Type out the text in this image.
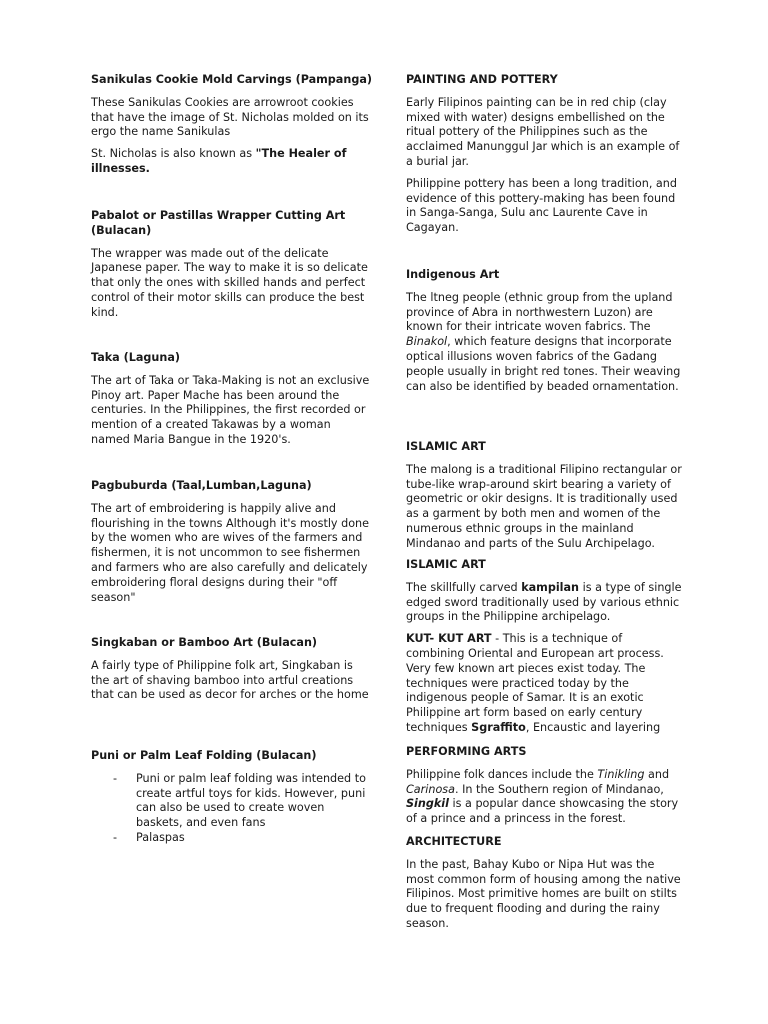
Sanikulas Cookie Mold Carvings (Pampanga)

These Sanikulas Cookies are arrowroot cookies that have the image of St. Nicholas molded on its ergo the name Sanikulas

St. Nicholas is also known as "The Healer of illnesses.

Pabalot or Pastillas Wrapper Cutting Art (Bulacan)

The wrapper was made out of the delicate Japanese paper. The way to make it is so delicate that only the ones with skilled hands and perfect control of their motor skills can produce the best kind.

Taka (Laguna)

The art of Taka or Taka-Making is not an exclusive Pinoy art. Paper Mache has been around the centuries. In the Philippines, the first recorded or mention of a created Takawas by a woman named Maria Bangue in the 1920's.

Pagbuburda (Taal,Lumban,Laguna)

The art of embroidering is happily alive and flourishing in the towns Although it's mostly done by the women who are wives of the farmers and fishermen, it is not uncommon to see fishermen and farmers who are also carefully and delicately embroidering floral designs during their "off season"

Singkaban or Bamboo Art (Bulacan)

A fairly type of Philippine folk art, Singkaban is the art of shaving bamboo into artful creations that can be used as decor for arches or the home

Puni or Palm Leaf Folding (Bulacan)
- Puni or palm leaf folding was intended to create artful toys for kids. However, puni can also be used to create woven baskets, and even fans
- Palaspas
PAINTING AND POTTERY

Early Filipinos painting can be in red chip (clay mixed with water) designs embellished on the ritual pottery of the Philippines such as the acclaimed Manunggul Jar which is an example of a burial jar.

Philippine pottery has been a long tradition, and evidence of this pottery-making has been found in Sanga-Sanga, Sulu anc Laurente Cave in Cagayan.

Indigenous Art

The ltneg people (ethnic group from the upland province of Abra in northwestern Luzon) are known for their intricate woven fabrics. The Binakol, which feature designs that incorporate optical illusions woven fabrics of the Gadang people usually in bright red tones. Their weaving can also be identified by beaded ornamentation.

ISLAMIC ART

The malong is a traditional Filipino rectangular or tube-like wrap-around skirt bearing a variety of geometric or okir designs. It is traditionally used as a garment by both men and women of the numerous ethnic groups in the mainland Mindanao and parts of the Sulu Archipelago.

ISLAMIC ART

The skillfully carved kampilan is a type of single edged sword traditionally used by various ethnic groups in the Philippine archipelago.

KUT- KUT ART - This is a technique of combining Oriental and European art process. Very few known art pieces exist today. The techniques were practiced today by the indigenous people of Samar. It is an exotic Philippine art form based on early century techniques Sgraffito, Encaustic and layering

PERFORMING ARTS

Philippine folk dances include the Tinikling and Carinosa. In the Southern region of Mindanao, Singkil is a popular dance showcasing the story of a prince and a princess in the forest.

ARCHITECTURE

In the past, Bahay Kubo or Nipa Hut was the most common form of housing among the native Filipinos. Most primitive homes are built on stilts due to frequent flooding and during the rainy season.
